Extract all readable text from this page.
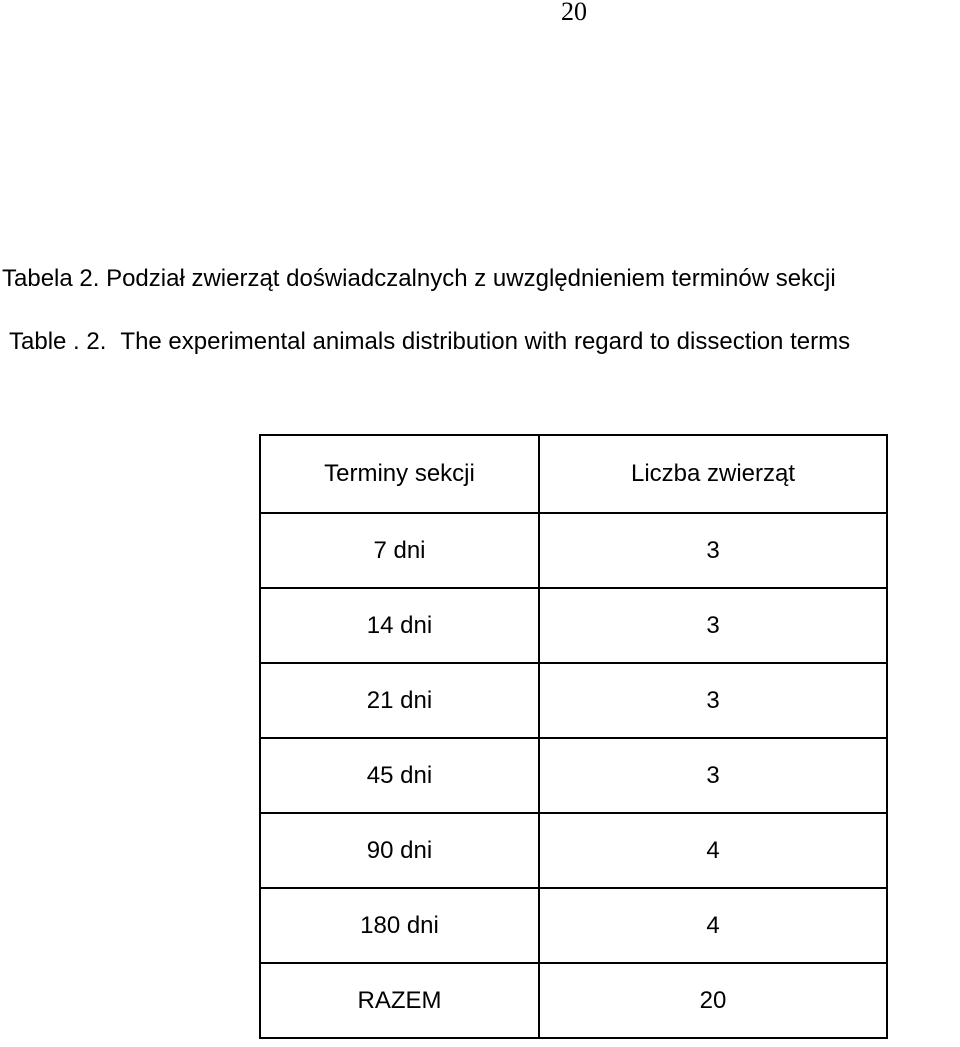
20
Tabela 2. Podział zwierząt doświadczalnych z uwzględnieniem terminów sekcji
Table . 2. The experimental animals distribution with regard to dissection terms
Terminy sekcji	Liczba zwierząt
7 dni	3
14 dni	3
21 dni	3
45 dni	3
90 dni	4
180 dni	4
RAZEM	20
